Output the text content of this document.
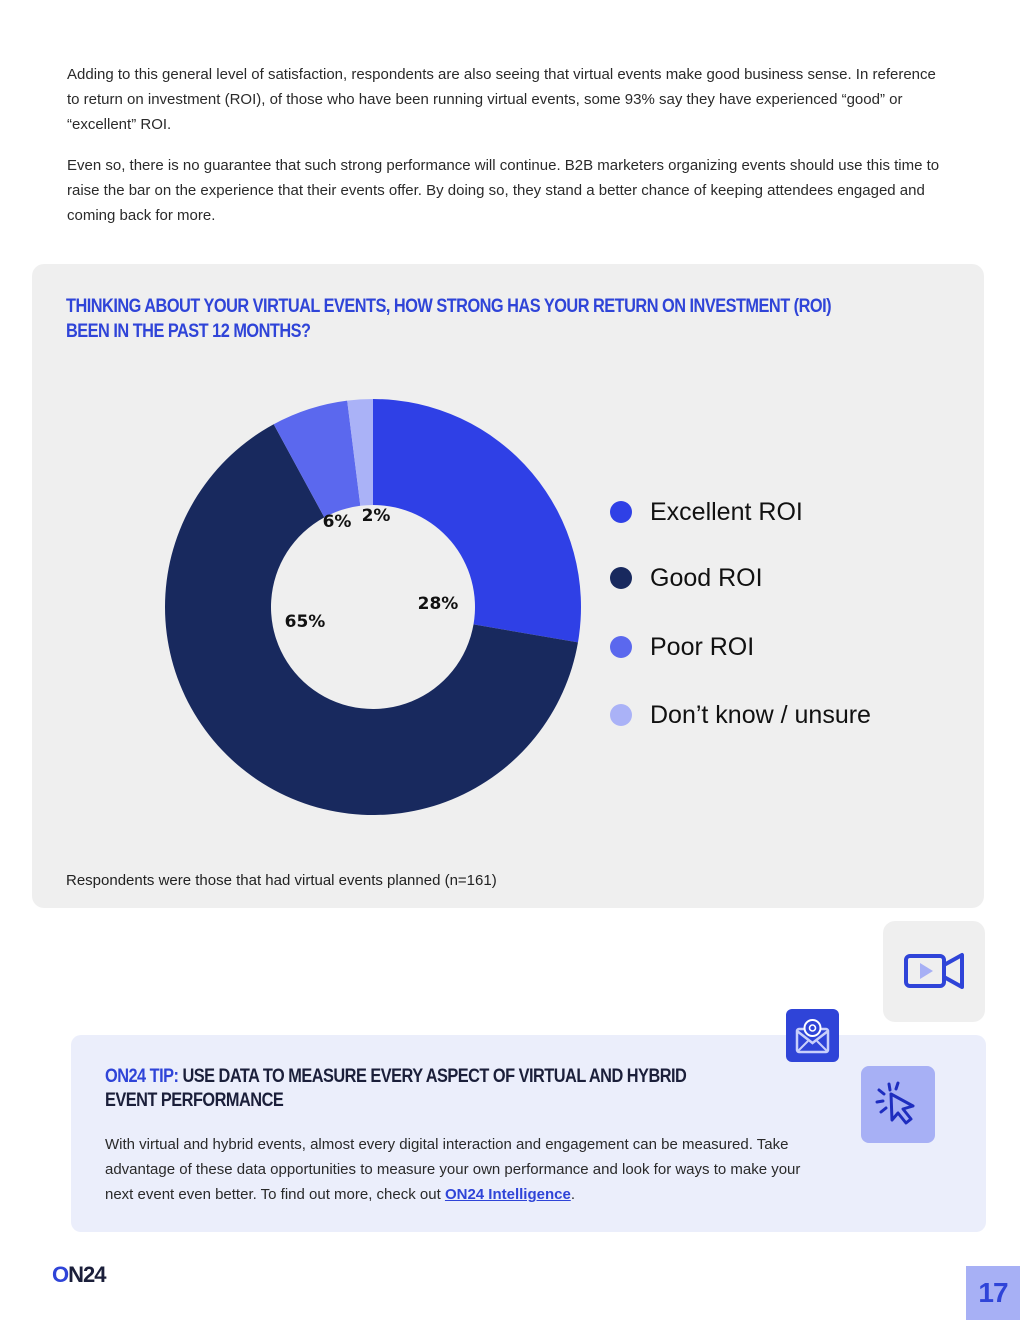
Adding to this general level of satisfaction, respondents are also seeing that virtual events make good business sense. In reference to return on investment (ROI), of those who have been running virtual events, some 93% say they have experienced “good” or “excellent” ROI.

Even so, there is no guarantee that such strong performance will continue. B2B marketers organizing events should use this time to raise the bar on the experience that their events offer. By doing so, they stand a better chance of keeping attendees engaged and coming back for more.

THINKING ABOUT YOUR VIRTUAL EVENTS, HOW STRONG HAS YOUR RETURN ON INVESTMENT (ROI)
BEEN IN THE PAST 12 MONTHS?
28%
65%
6% 2%	Excellent ROI
Good ROI
Poor ROI
Don’t know / unsure
Respondents were those that had virtual events planned (n=161)
ON24 TIP: USE DATA TO MEASURE EVERY ASPECT OF VIRTUAL AND HYBRID
EVENT PERFORMANCE
With virtual and hybrid events, almost every digital interaction and engagement can be measured. Take advantage of these data opportunities to measure your own performance and look for ways to make your next event even better. To find out more, check out ON24 Intelligence.
ON24
17
